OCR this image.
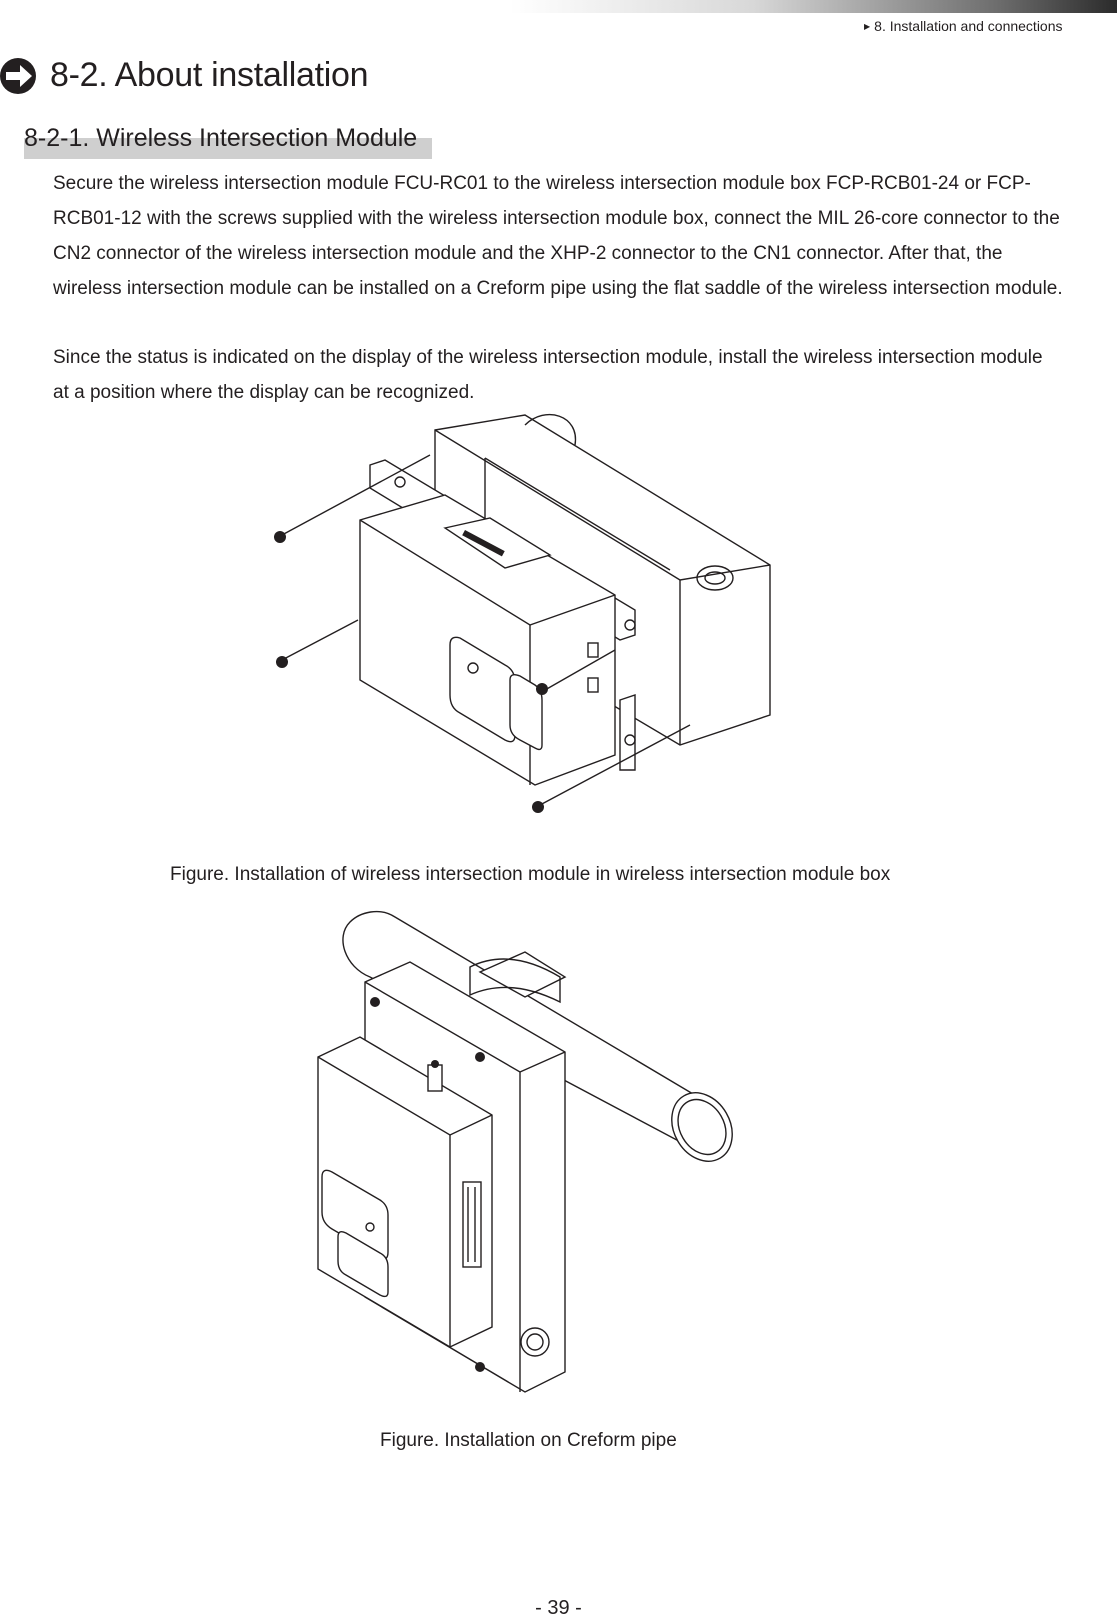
▶ 8. Installation and connections
8-2. About installation
8-2-1. Wireless Intersection Module
Secure the wireless intersection module FCU-RC01 to the wireless intersection module box FCP-RCB01-24 or FCP-RCB01-12 with the screws supplied with the wireless intersection module box, connect the MIL 26-core connector to the CN2 connector of the wireless intersection module and the XHP-2 connector to the CN1 connector. After that, the wireless intersection module can be installed on a Creform pipe using the flat saddle of the wireless intersection module.
Since the status is indicated on the display of the wireless intersection module, install the wireless intersection module at a position where the display can be recognized.
Figure. Installation of wireless intersection module in wireless intersection module box
Figure. Installation on Creform pipe
- 39 -
